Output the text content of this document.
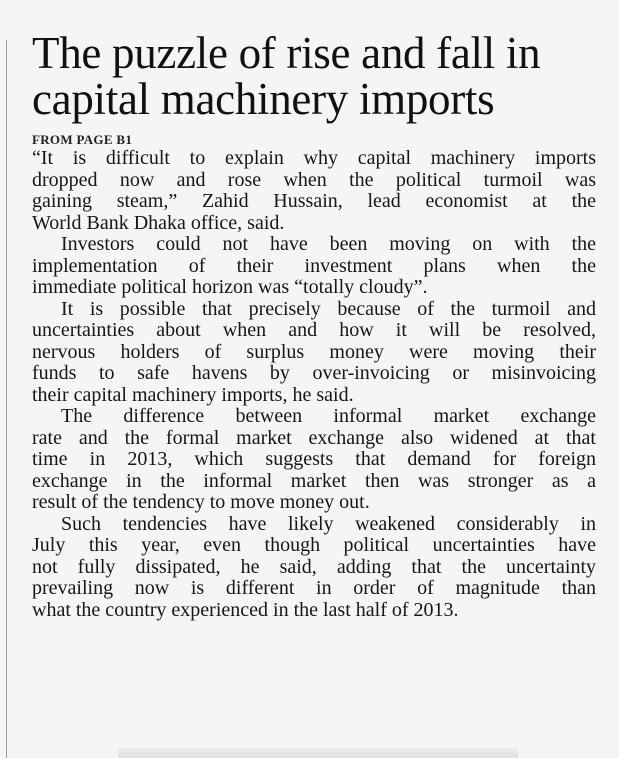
The puzzle of rise and fall in
capital machinery imports
FROM PAGE B1

“It is difficult to explain why capital machinery imports
dropped now and rose when the political turmoil was
gaining steam,” Zahid Hussain, lead economist at the
World Bank Dhaka office, said.

Investors could not have been moving on with the
implementation of their investment plans when the
immediate political horizon was “totally cloudy”.

It is possible that precisely because of the turmoil and
uncertainties about when and how it will be resolved,
nervous holders of surplus money were moving their
funds to safe havens by over-invoicing or misinvoicing
their capital machinery imports, he said.

The difference between informal market exchange
rate and the formal market exchange also widened at that
time in 2013, which suggests that demand for foreign
exchange in the informal market then was stronger as a
result of the tendency to move money out.

Such tendencies have likely weakened considerably in
July this year, even though political uncertainties have
not fully dissipated, he said, adding that the uncertainty
prevailing now is different in order of magnitude than
what the country experienced in the last half of 2013.
